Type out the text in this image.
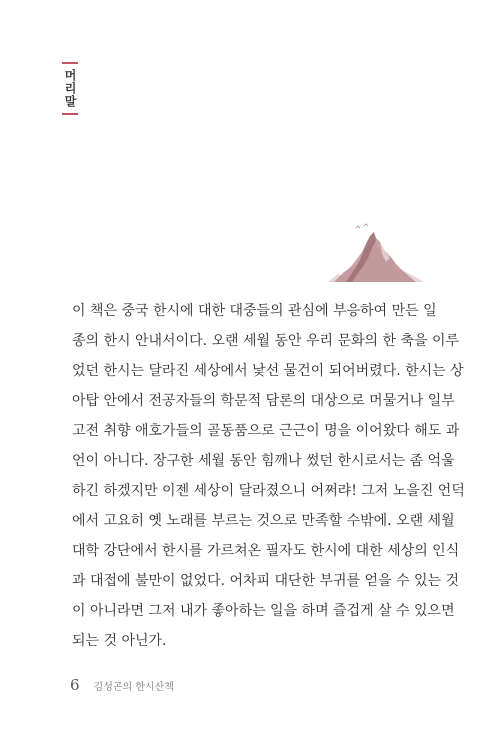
머리말
이 책은 중국 한시에 대한 대중들의 관심에 부응하여 만든 일
종의 한시 안내서이다. 오랜 세월 동안 우리 문화의 한 축을 이루
었던 한시는 달라진 세상에서 낯선 물건이 되어버렸다. 한시는 상
아탑 안에서 전공자들의 학문적 담론의 대상으로 머물거나 일부
고전 취향 애호가들의 골동품으로 근근이 명을 이어왔다 해도 과
언이 아니다. 장구한 세월 동안 힘깨나 썼던 한시로서는 좀 억울
하긴 하겠지만 이젠 세상이 달라졌으니 어쩌랴! 그저 노을진 언덕
에서 고요히 옛 노래를 부르는 것으로 만족할 수밖에. 오랜 세월
대학 강단에서 한시를 가르쳐온 필자도 한시에 대한 세상의 인식
과 대접에 불만이 없었다. 어차피 대단한 부귀를 얻을 수 있는 것
이 아니라면 그저 내가 좋아하는 일을 하며 즐겁게 살 수 있으면
되는 것 아닌가.
6 김성곤의 한시산책
